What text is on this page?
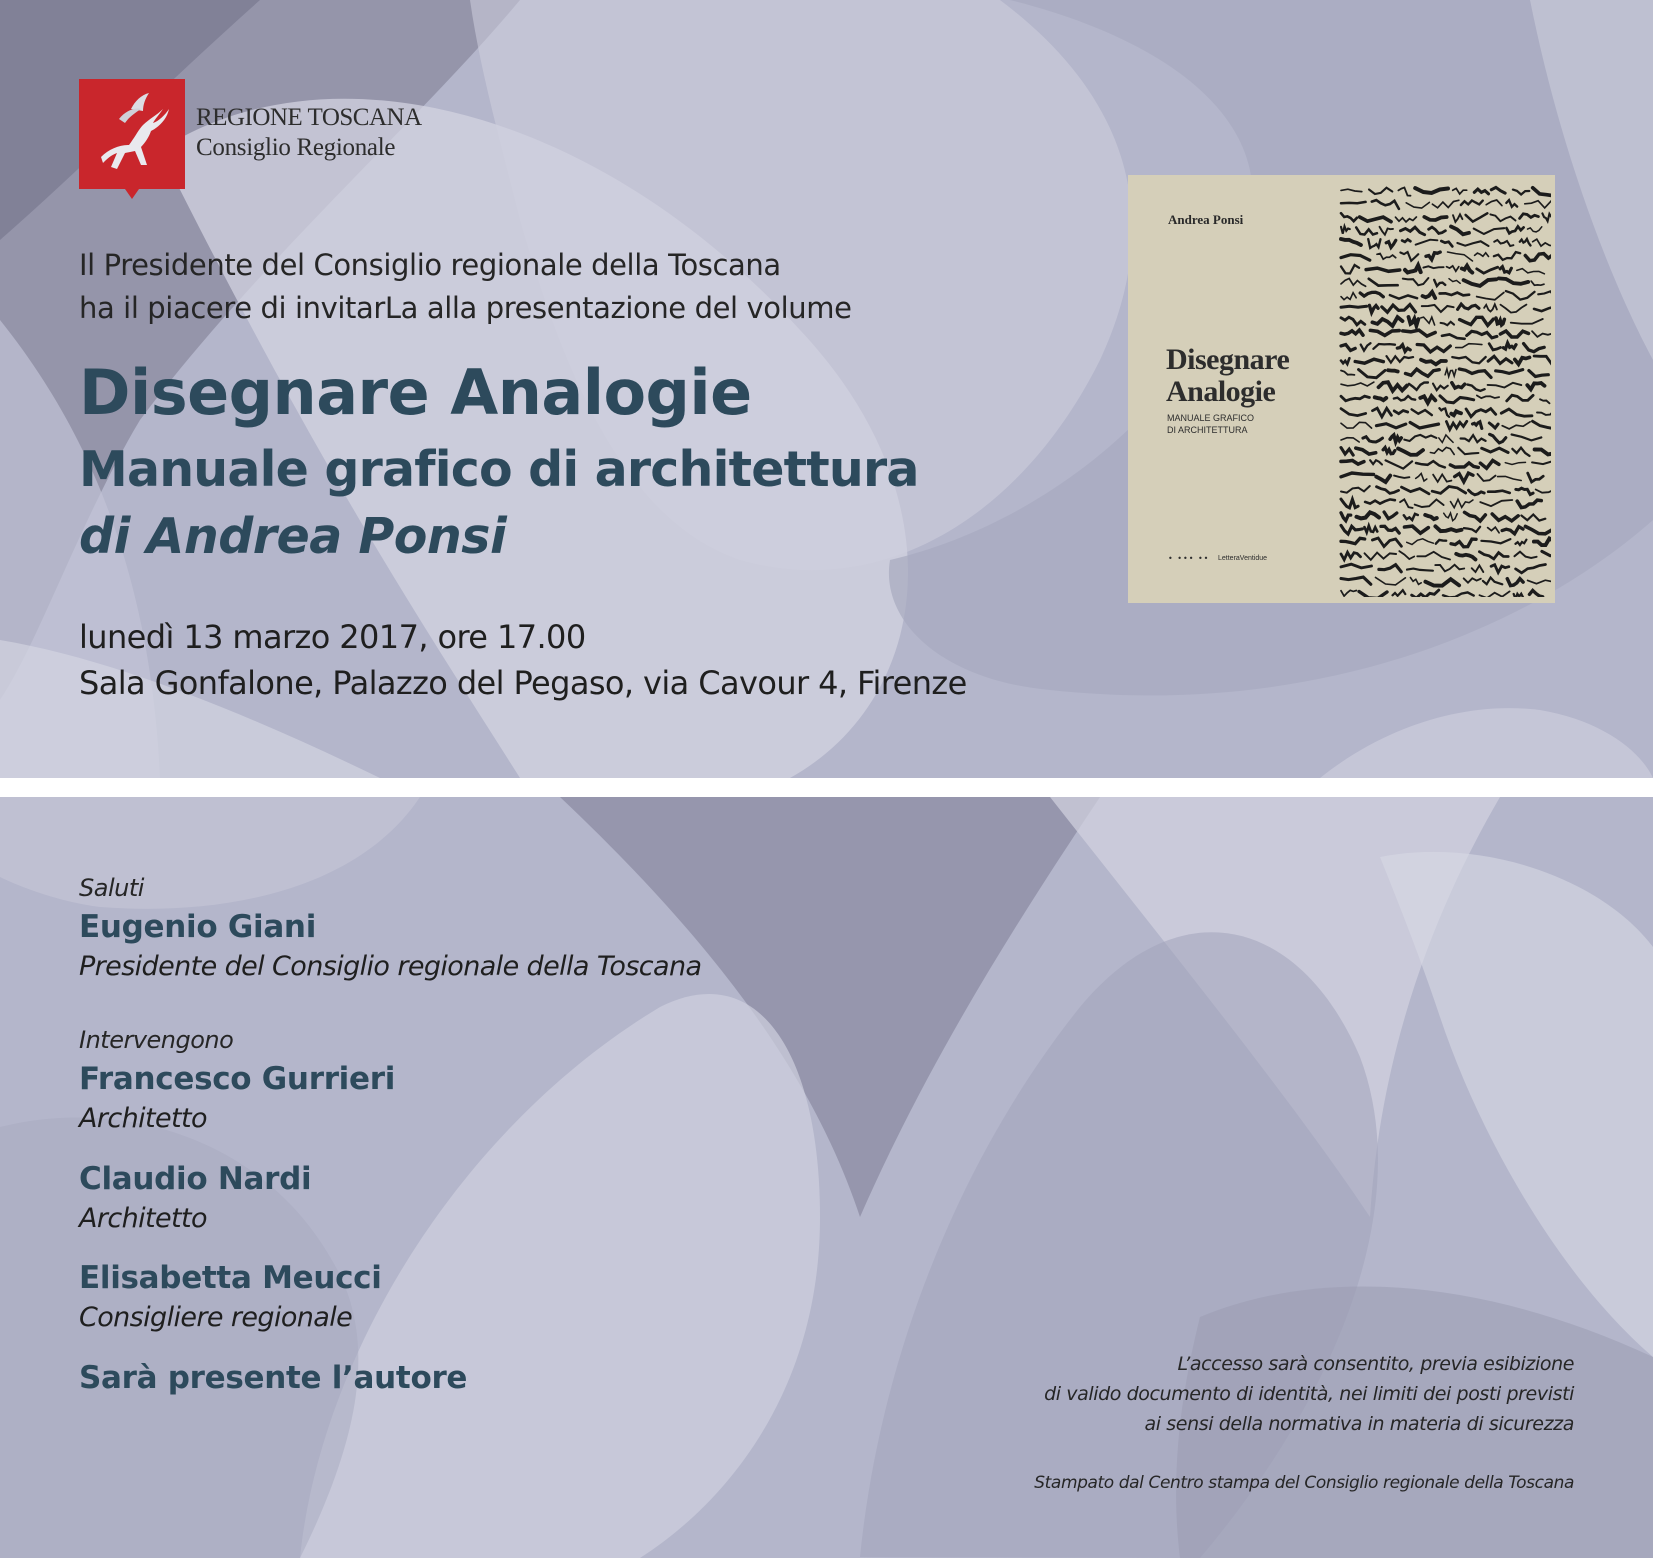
REGIONE TOSCANA

Consiglio Regionale

Il Presidente del Consiglio regionale della Toscana

ha il piacere di invitarLa alla presentazione del volume

Disegnare Analogie
Manuale grafico di architettura
di Andrea Ponsi

lunedì 13 marzo 2017, ore 17.00

Sala Gonfalone, Palazzo del Pegaso, via Cavour 4, Firenze

Andrea Ponsi

Disegnare

Analogie

MANUALE GRAFICO

DI ARCHITETTURA

• ••• •• LetteraVentidue

Saluti

Eugenio Giani

Presidente del Consiglio regionale della Toscana

Intervengono

Francesco Gurrieri

Architetto

Claudio Nardi

Architetto

Elisabetta Meucci

Consigliere regionale

Sarà presente l’autore	L’accesso sarà consentito, previa esibizione

di valido documento di identità, nei limiti dei posti previsti

ai sensi della normativa in materia di sicurezza

Stampato dal Centro stampa del Consiglio regionale della Toscana
